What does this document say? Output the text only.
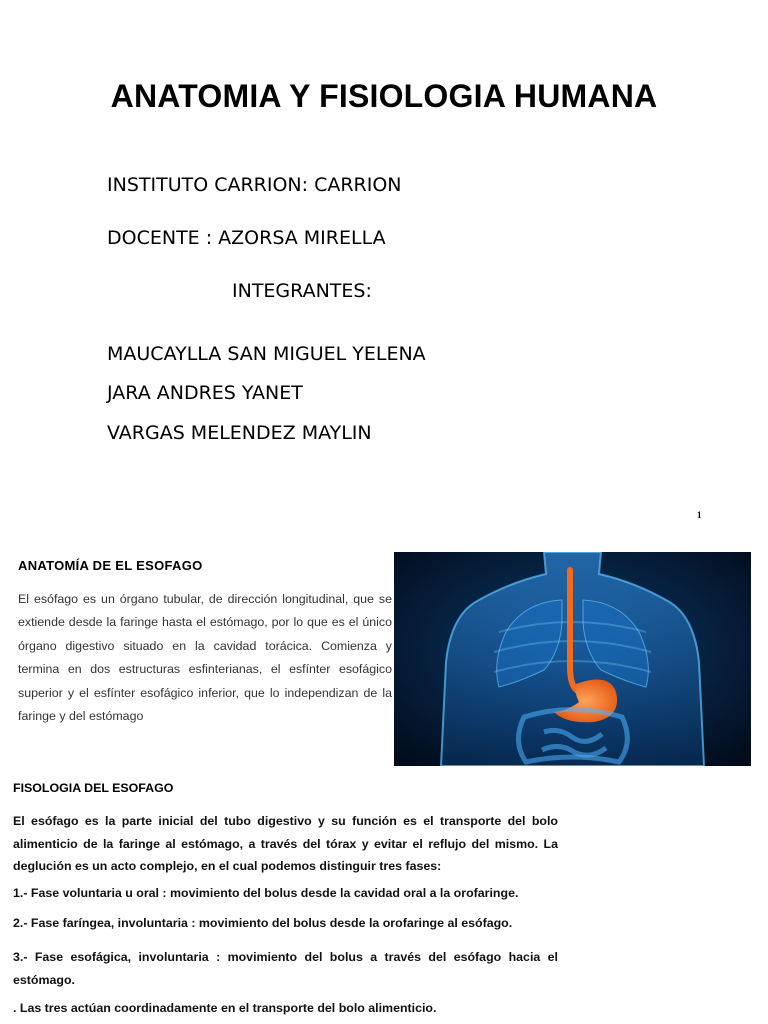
ANATOMIA Y FISIOLOGIA HUMANA
INSTITUTO CARRION: CARRION
DOCENTE : AZORSA MIRELLA
INTEGRANTES:
MAUCAYLLA SAN MIGUEL YELENA
JARA ANDRES YANET
VARGAS MELENDEZ MAYLIN
1
ANATOMÍA DE EL ESOFAGO
El esófago es un órgano tubular, de dirección longitudinal, que se extiende desde la faringe hasta el estómago, por lo que es el único órgano digestivo situado en la cavidad torácica. Comienza y termina en dos estructuras esfinterianas, el esfínter esofágico superior y el esfínter esofágico inferior, que lo independizan de la faringe y del estómago
FISOLOGIA DEL ESOFAGO
El esófago es la parte inicial del tubo digestivo y su función es el transporte del bolo alimenticio de la faringe al estómago, a través del tórax y evitar el reflujo del mismo. La deglución es un acto complejo, en el cual podemos distinguir tres fases:
1.- Fase voluntaria u oral : movimiento del bolus desde la cavidad oral a la orofaringe.
2.- Fase faríngea, involuntaria : movimiento del bolus desde la orofaringe al esófago.
3.- Fase esofágica, involuntaria : movimiento del bolus a través del esófago hacia el estómago.
. Las tres actúan coordinadamente en el transporte del bolo alimenticio.
